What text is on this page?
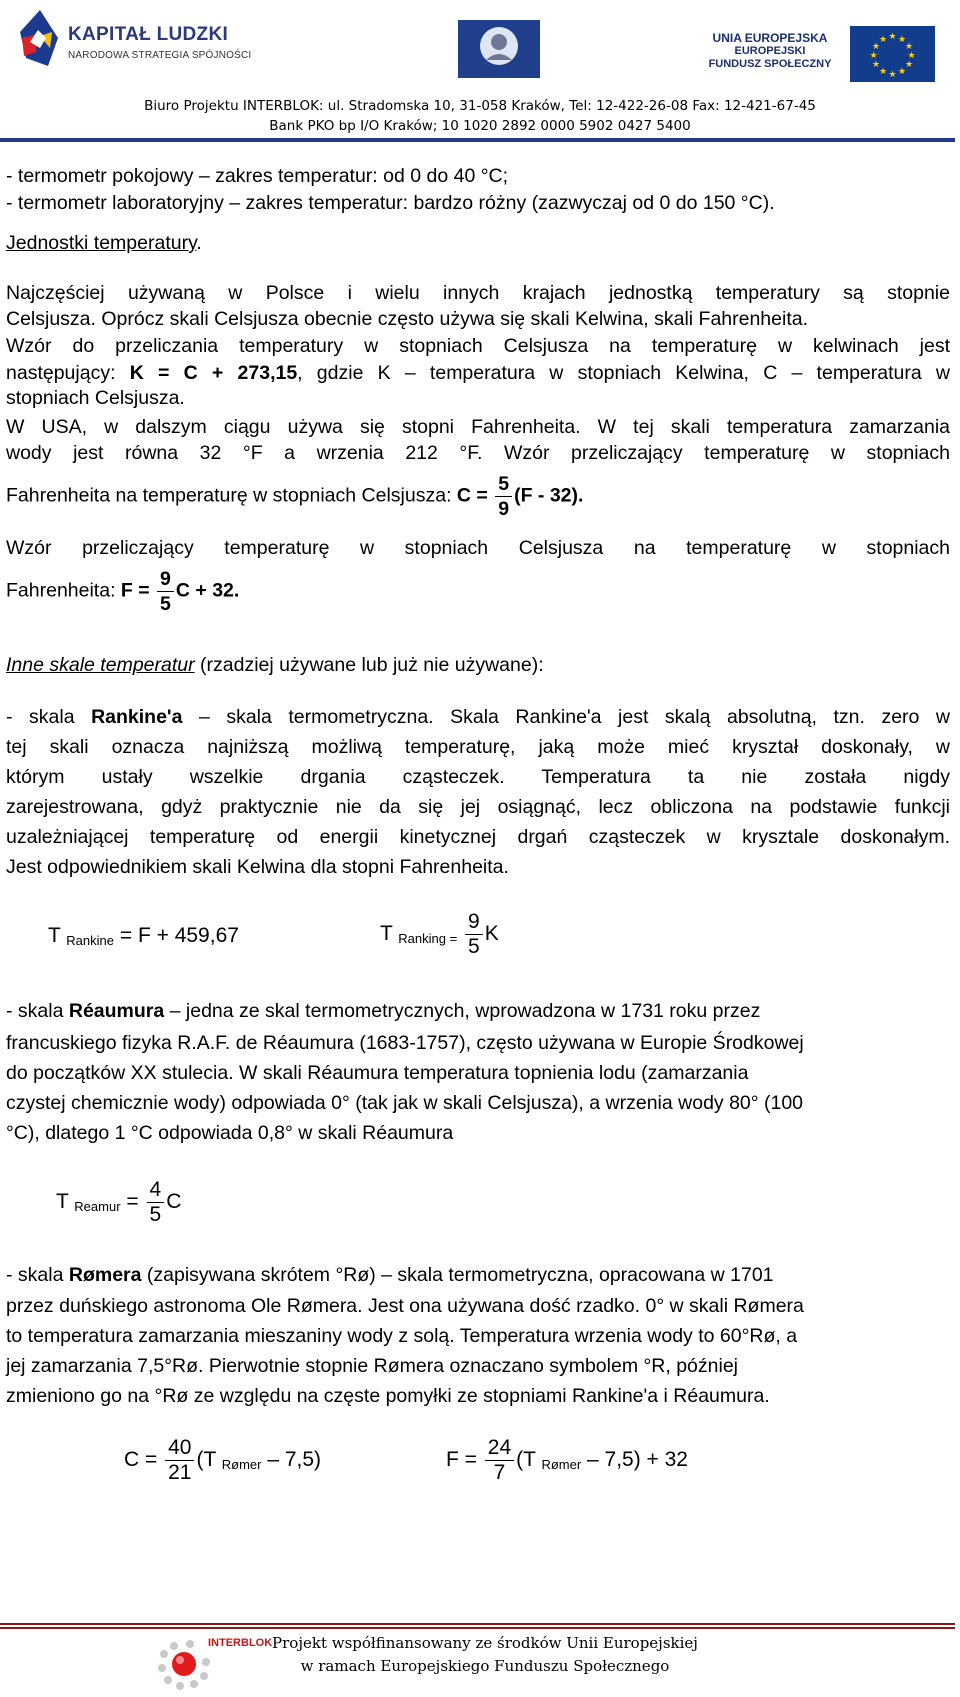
KAPITAŁ LUDZKI
NARODOWA STRATEGIA SPÓJNOŚCI
UNIA EUROPEJSKA
EUROPEJSKI
FUNDUSZ SPOŁECZNY
★ ★
★
★
★
★
★
★
★
★
★
★
Biuro Projektu INTERBLOK: ul. Stradomska 10, 31-058 Kraków, Tel: 12-422-26-08 Fax: 12-421-67-45
Bank PKO bp I/O Kraków; 10 1020 2892 0000 5902 0427 5400
- termometr pokojowy – zakres temperatur: od 0 do 40 °C;
- termometr laboratoryjny – zakres temperatur: bardzo różny (zazwyczaj od 0 do 150 °C).
Jednostki temperatury.
Najczęściej używaną w Polsce i wielu innych krajach jednostką temperatury są stopnie
Celsjusza. Oprócz skali Celsjusza obecnie często używa się skali Kelwina, skali Fahrenheita.
Wzór do przeliczania temperatury w stopniach Celsjusza na temperaturę w kelwinach jest
następujący: K = C + 273,15, gdzie K – temperatura w stopniach Kelwina, C – temperatura w
stopniach Celsjusza.
W USA, w dalszym ciągu używa się stopni Fahrenheita. W tej skali temperatura zamarzania
wody jest równa 32 °F a wrzenia 212 °F. Wzór przeliczający temperaturę w stopniach
Fahrenheita na temperaturę w stopniach Celsjusza: $C = \frac{5}{9} (F - 32)$.
Wzór przeliczający temperaturę w stopniach Celsjusza na temperaturę w stopniach
Fahrenheita: $F = \frac{9}{5}$ C + 32.
Inne skale temperatur (rzadziej używane lub już nie używane):
- skala Rankine'a – skala termometryczna. Skala Rankine'a jest skalą absolutną, tzn. zero w
tej skali oznacza najniższą możliwą temperaturę, jaką może mieć kryształ doskonały, w
którym ustały wszelkie drgania cząsteczek. Temperatura ta nie została nigdy
zarejestrowana, gdyż praktycznie nie da się jej osiągnąć, lecz obliczona na podstawie funkcji
uzależniającej temperaturę od energii kinetycznej drgań cząsteczek w krysztale doskonałym.
Jest odpowiednikiem skali Kelwina dla stopni Fahrenheita.
T $_{Rankine}$ = F + 459,67	T $_{Ranking =} \frac{9}{5}$ K
- skala Réaumura – jedna ze skal termometrycznych, wprowadzona w 1731 roku przez
francuskiego fizyka R.A.F. de Réaumura (1683-1757), często używana w Europie Środkowej
do początków XX stulecia. W skali Réaumura temperatura topnienia lodu (zamarzania
czystej chemicznie wody) odpowiada 0° (tak jak w skali Celsjusza), a wrzenia wody 80° (100
°C), dlatego 1 °C odpowiada 0,8° w skali Réaumura
T $_{Reamur} = \frac{4}{5}$ C
- skala Rømera (zapisywana skrótem °Rø) – skala termometryczna, opracowana w 1701
przez duńskiego astronoma Ole Rømera. Jest ona używana dość rzadko. 0° w skali Rømera
to temperatura zamarzania mieszaniny wody z solą. Temperatura wrzenia wody to 60°Rø, a
jej zamarzania 7,5°Rø. Pierwotnie stopnie Rømera oznaczano symbolem °R, później
zmieniono go na °Rø ze względu na częste pomyłki ze stopniami Rankine'a i Réaumura.
$C = \frac{40}{21} (T$ $_{Rømer}$ – 7,5)	$F = \frac{24}{7} (T$ $_{Rømer}$ – 7,5) + 32
INTERBLOK Projekt współfinansowany ze środków Unii Europejskiej
w ramach Europejskiego Funduszu Społecznego
